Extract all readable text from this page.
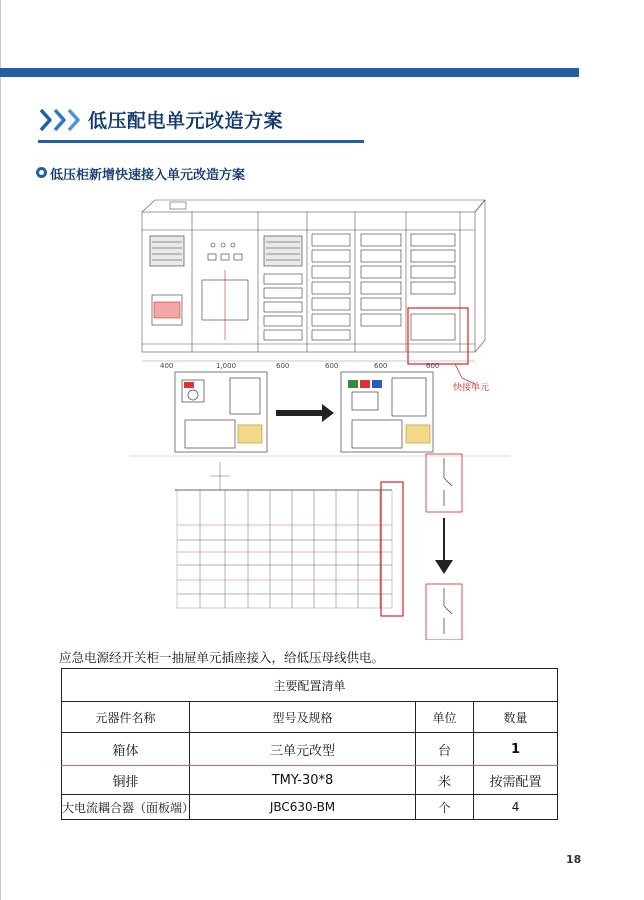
低压配电单元改造方案
低压柜新增快速接入单元改造方案
快接单元
400	1,000	600	600	600	600
应急电源经开关柜一抽屉单元插座接入，给低压母线供电。
主要配置清单			
元器件名称	型号及规格	单位	数量
箱体	三单元改型	台	1
铜排	TMY-30*8	米	按需配置
大电流耦合器（面板端）	JBC630-BM	个	4
18
